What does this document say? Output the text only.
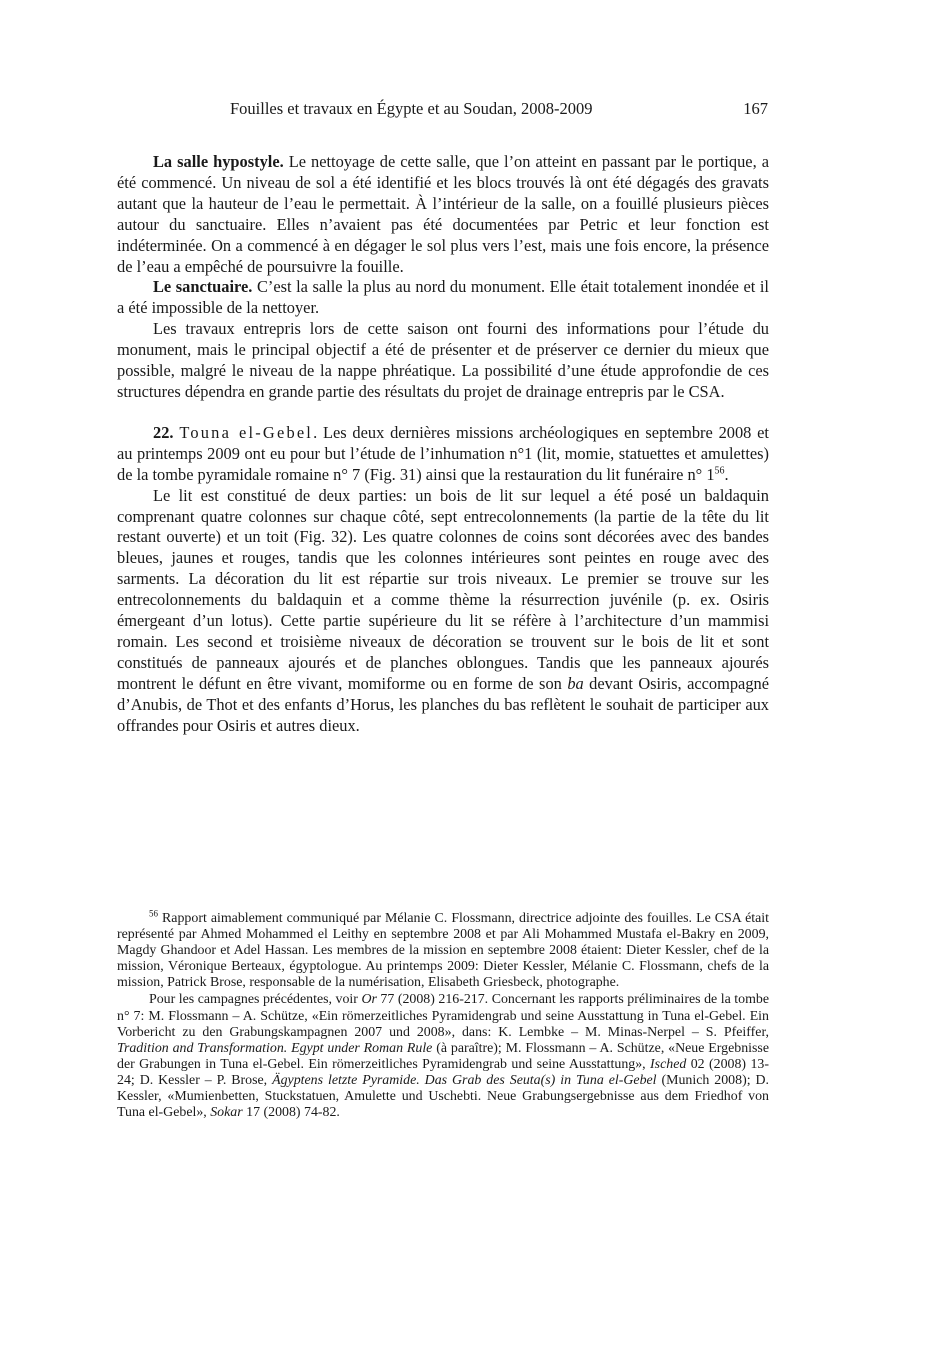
Fouilles et travaux en Égypte et au Soudan, 2008-2009	167

La salle hypostyle. Le nettoyage de cette salle, que l’on atteint en passant par le portique, a été commencé. Un niveau de sol a été identifié et les blocs trouvés là ont été dégagés des gravats autant que la hauteur de l’eau le permettait. À l’intérieur de la salle, on a fouillé plusieurs pièces autour du sanctuaire. Elles n’avaient pas été documentées par Petric et leur fonction est indéterminée. On a commencé à en dégager le sol plus vers l’est, mais une fois encore, la présence de l’eau a empêché de poursuivre la fouille.

Le sanctuaire. C’est la salle la plus au nord du monument. Elle était totalement inondée et il a été impossible de la nettoyer.

Les travaux entrepris lors de cette saison ont fourni des informations pour l’étude du monument, mais le principal objectif a été de présenter et de préserver ce dernier du mieux que possible, malgré le niveau de la nappe phréatique. La possibilité d’une étude approfondie de ces structures dépendra en grande partie des résultats du projet de drainage entrepris par le CSA.

22. Touna el-Gebel. Les deux dernières missions archéologiques en septembre 2008 et au printemps 2009 ont eu pour but l’étude de l’inhumation n°1 (lit, momie, statuettes et amulettes) de la tombe pyramidale romaine n° 7 (Fig. 31) ainsi que la restauration du lit funéraire n° $1^{56}$.

Le lit est constitué de deux parties: un bois de lit sur lequel a été posé un baldaquin comprenant quatre colonnes sur chaque côté, sept entrecolonnements (la partie de la tête du lit restant ouverte) et un toit (Fig. 32). Les quatre colonnes de coins sont décorées avec des bandes bleues, jaunes et rouges, tandis que les colonnes intérieures sont peintes en rouge avec des sarments. La décoration du lit est répartie sur trois niveaux. Le premier se trouve sur les entrecolonnements du baldaquin et a comme thème la résurrection juvénile (p. ex. Osiris émergeant d’un lotus). Cette partie supérieure du lit se réfère à l’architecture d’un mammisi romain. Les second et troisième niveaux de décoration se trouvent sur le bois de lit et sont constitués de panneaux ajourés et de planches oblongues. Tandis que les panneaux ajourés montrent le défunt en être vivant, momiforme ou en forme de son ba devant Osiris, accompagné d’Anubis, de Thot et des enfants d’Horus, les planches du bas reflètent le souhait de participer aux offrandes pour Osiris et autres dieux.

$^{56}$ Rapport aimablement communiqué par Mélanie C. Flossmann, directrice adjointe des fouilles. Le CSA était représenté par Ahmed Mohammed el Leithy en septembre 2008 et par Ali Mohammed Mustafa el-Bakry en 2009, Magdy Ghandoor et Adel Hassan. Les membres de la mission en septembre 2008 étaient: Dieter Kessler, chef de la mission, Véronique Berteaux, égyptologue. Au printemps 2009: Dieter Kessler, Mélanie C. Flossmann, chefs de la mission, Patrick Brose, responsable de la numérisation, Elisabeth Griesbeck, photographe.

Pour les campagnes précédentes, voir Or 77 (2008) 216-217. Concernant les rapports préliminaires de la tombe n° 7: M. Flossmann – A. Schütze, «Ein römerzeitliches Pyramidengrab und seine Ausstattung in Tuna el-Gebel. Ein Vorbericht zu den Grabungskampagnen 2007 und 2008», dans: K. Lembke – M. Minas-Nerpel – S. Pfeiffer, Tradition and Transformation. Egypt under Roman Rule (à paraître); M. Flossmann – A. Schütze, «Neue Ergebnisse der Grabungen in Tuna el-Gebel. Ein römerzeitliches Pyramidengrab und seine Ausstattung», Isched 02 (2008) 13-24; D. Kessler – P. Brose, Ägyptens letzte Pyramide. Das Grab des Seuta(s) in Tuna el-Gebel (Munich 2008); D. Kessler, «Mumienbetten, Stuckstatuen, Amulette und Uschebti. Neue Grabungsergebnisse aus dem Friedhof von Tuna el-Gebel», Sokar 17 (2008) 74-82.
